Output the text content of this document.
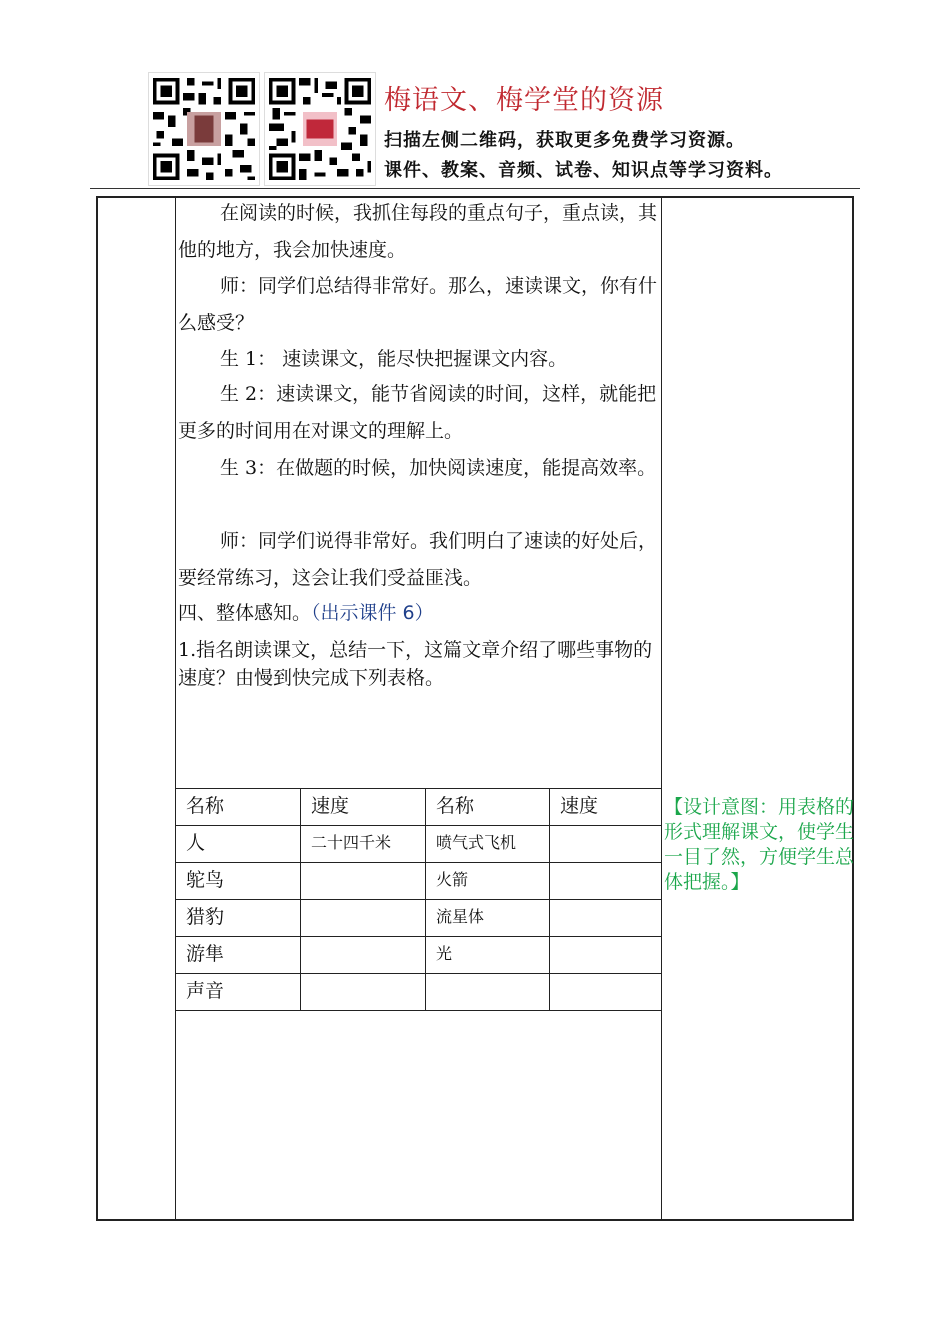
梅语文、梅学堂的资源
扫描左侧二维码，获取更多免费学习资源。
课件、教案、音频、试卷、知识点等学习资料。
在阅读的时候，我抓住每段的重点句子，重点读，其他的地方，我会加快速度。
师：同学们总结得非常好。那么，速读课文，你有什么感受？
生 1： 速读课文，能尽快把握课文内容。
生 2：速读课文，能节省阅读的时间，这样，就能把更多的时间用在对课文的理解上。
生 3：在做题的时候，加快阅读速度，能提高效率。
师：同学们说得非常好。我们明白了速读的好处后，要经常练习，这会让我们受益匪浅。
四、整体感知。（出示课件 6）
1.指名朗读课文，总结一下，这篇文章介绍了哪些事物的速度？由慢到快完成下列表格。
名称	速度	名称	速度
人	二十四千米	喷气式飞机	
鸵鸟		火箭	
猎豹		流星体	
游隼		光	
声音			
【设计意图：用表格的形式理解课文，使学生一目了然，方便学生总体把握。】
